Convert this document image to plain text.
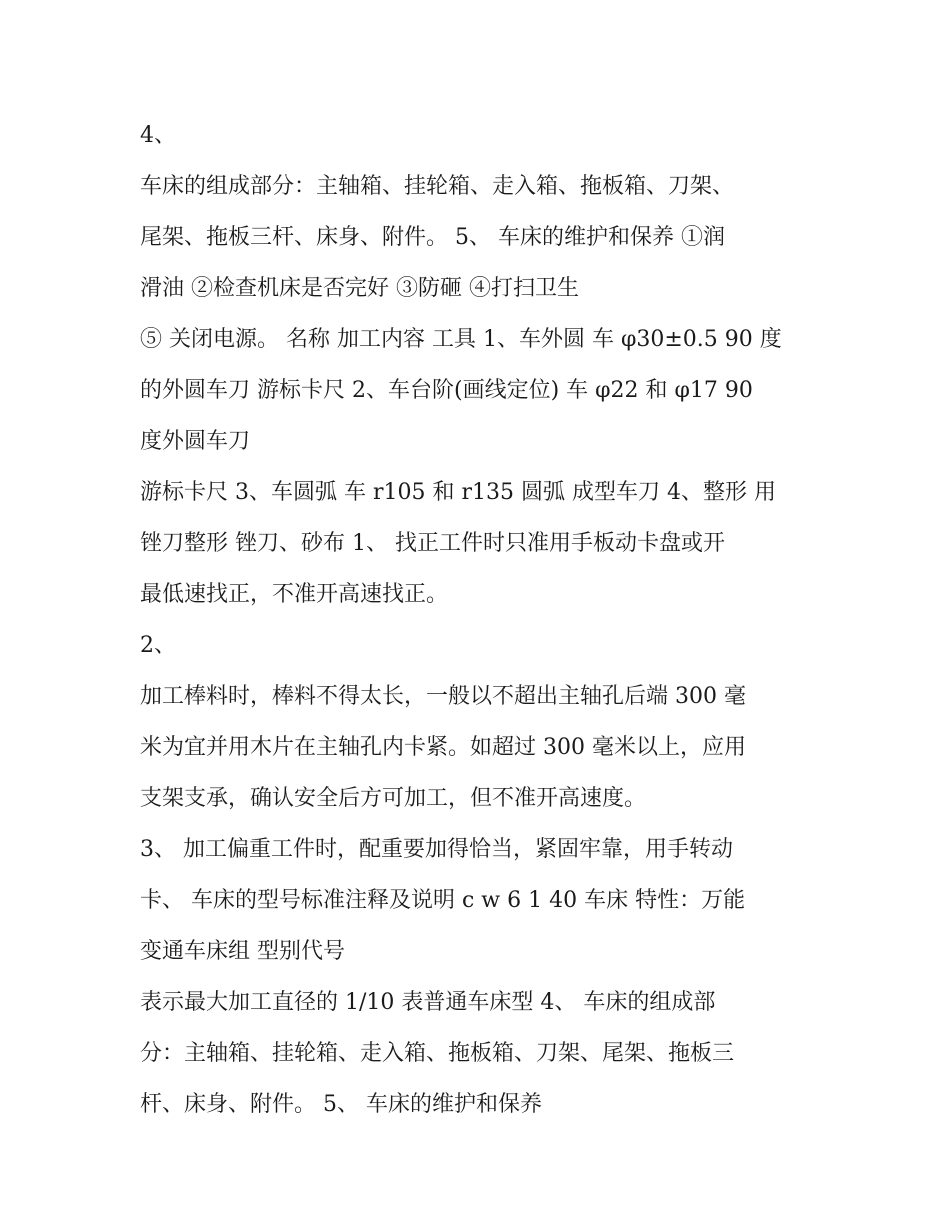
4、
车床的组成部分：主轴箱、挂轮箱、走入箱、拖板箱、刀架、
尾架、拖板三杆、床身、附件。 5、 车床的维护和保养 ①润
滑油 ②检查机床是否完好 ③防砸 ④打扫卫生
⑤ 关闭电源。 名称 加工内容 工具 1、车外圆 车 φ30±0.5 90 度
的外圆车刀 游标卡尺 2、车台阶(画线定位) 车 φ22 和 φ17 90
度外圆车刀
游标卡尺 3、车圆弧 车 r105 和 r135 圆弧 成型车刀 4、整形 用
锉刀整形 锉刀、砂布 1、 找正工件时只准用手板动卡盘或开
最低速找正，不准开高速找正。
2、
加工棒料时，棒料不得太长，一般以不超出主轴孔后端 300 毫
米为宜并用木片在主轴孔内卡紧。如超过 300 毫米以上，应用
支架支承，确认安全后方可加工，但不准开高速度。
3、 加工偏重工件时，配重要加得恰当，紧固牢靠，用手转动
卡、 车床的型号标准注释及说明 c w 6 1 40 车床 特性：万能
变通车床组 型别代号
表示最大加工直径的 1/10 表普通车床型 4、 车床的组成部
分：主轴箱、挂轮箱、走入箱、拖板箱、刀架、尾架、拖板三
杆、床身、附件。 5、 车床的维护和保养
